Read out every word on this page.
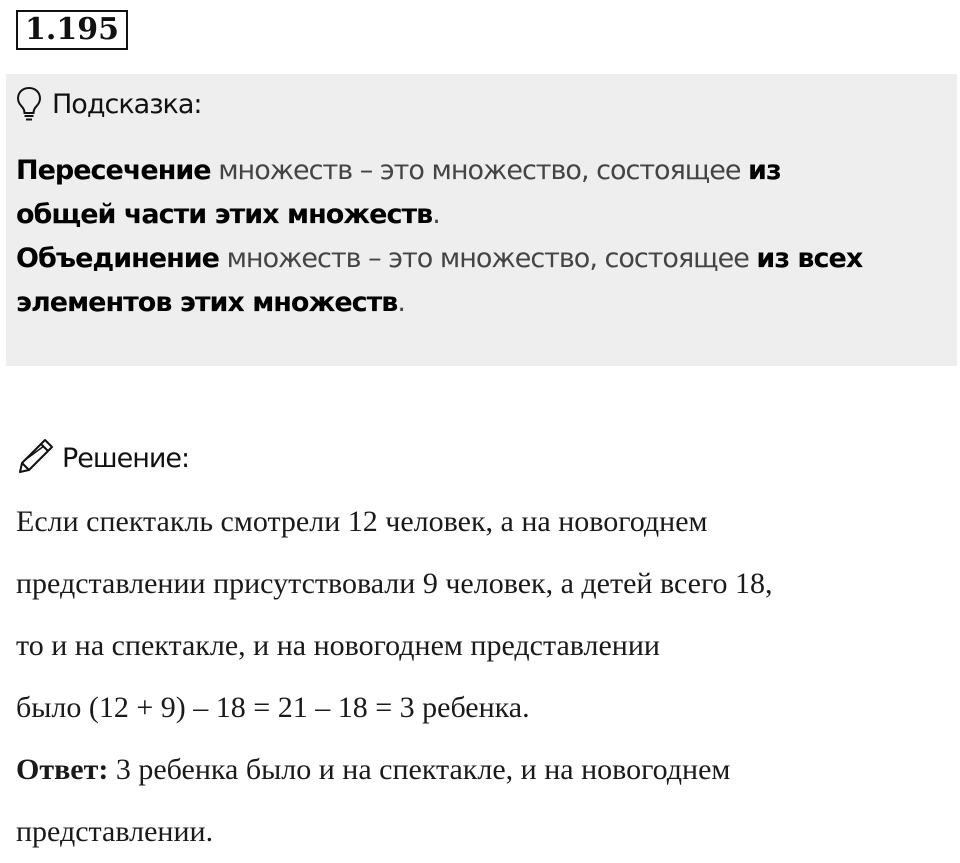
1.195
Подсказка:
Пересечение множеств – это множество, состоящее из
общей части этих множеств.
Объединение множеств – это множество, состоящее из всех
элементов этих множеств.
Решение:
Если спектакль смотрели 12 человек, а на новогоднем
представлении присутствовали 9 человек, а детей всего 18,
то и на спектакле, и на новогоднем представлении
было (12 + 9) – 18 = 21 – 18 = 3 ребенка.
Ответ: 3 ребенка было и на спектакле, и на новогоднем
представлении.
